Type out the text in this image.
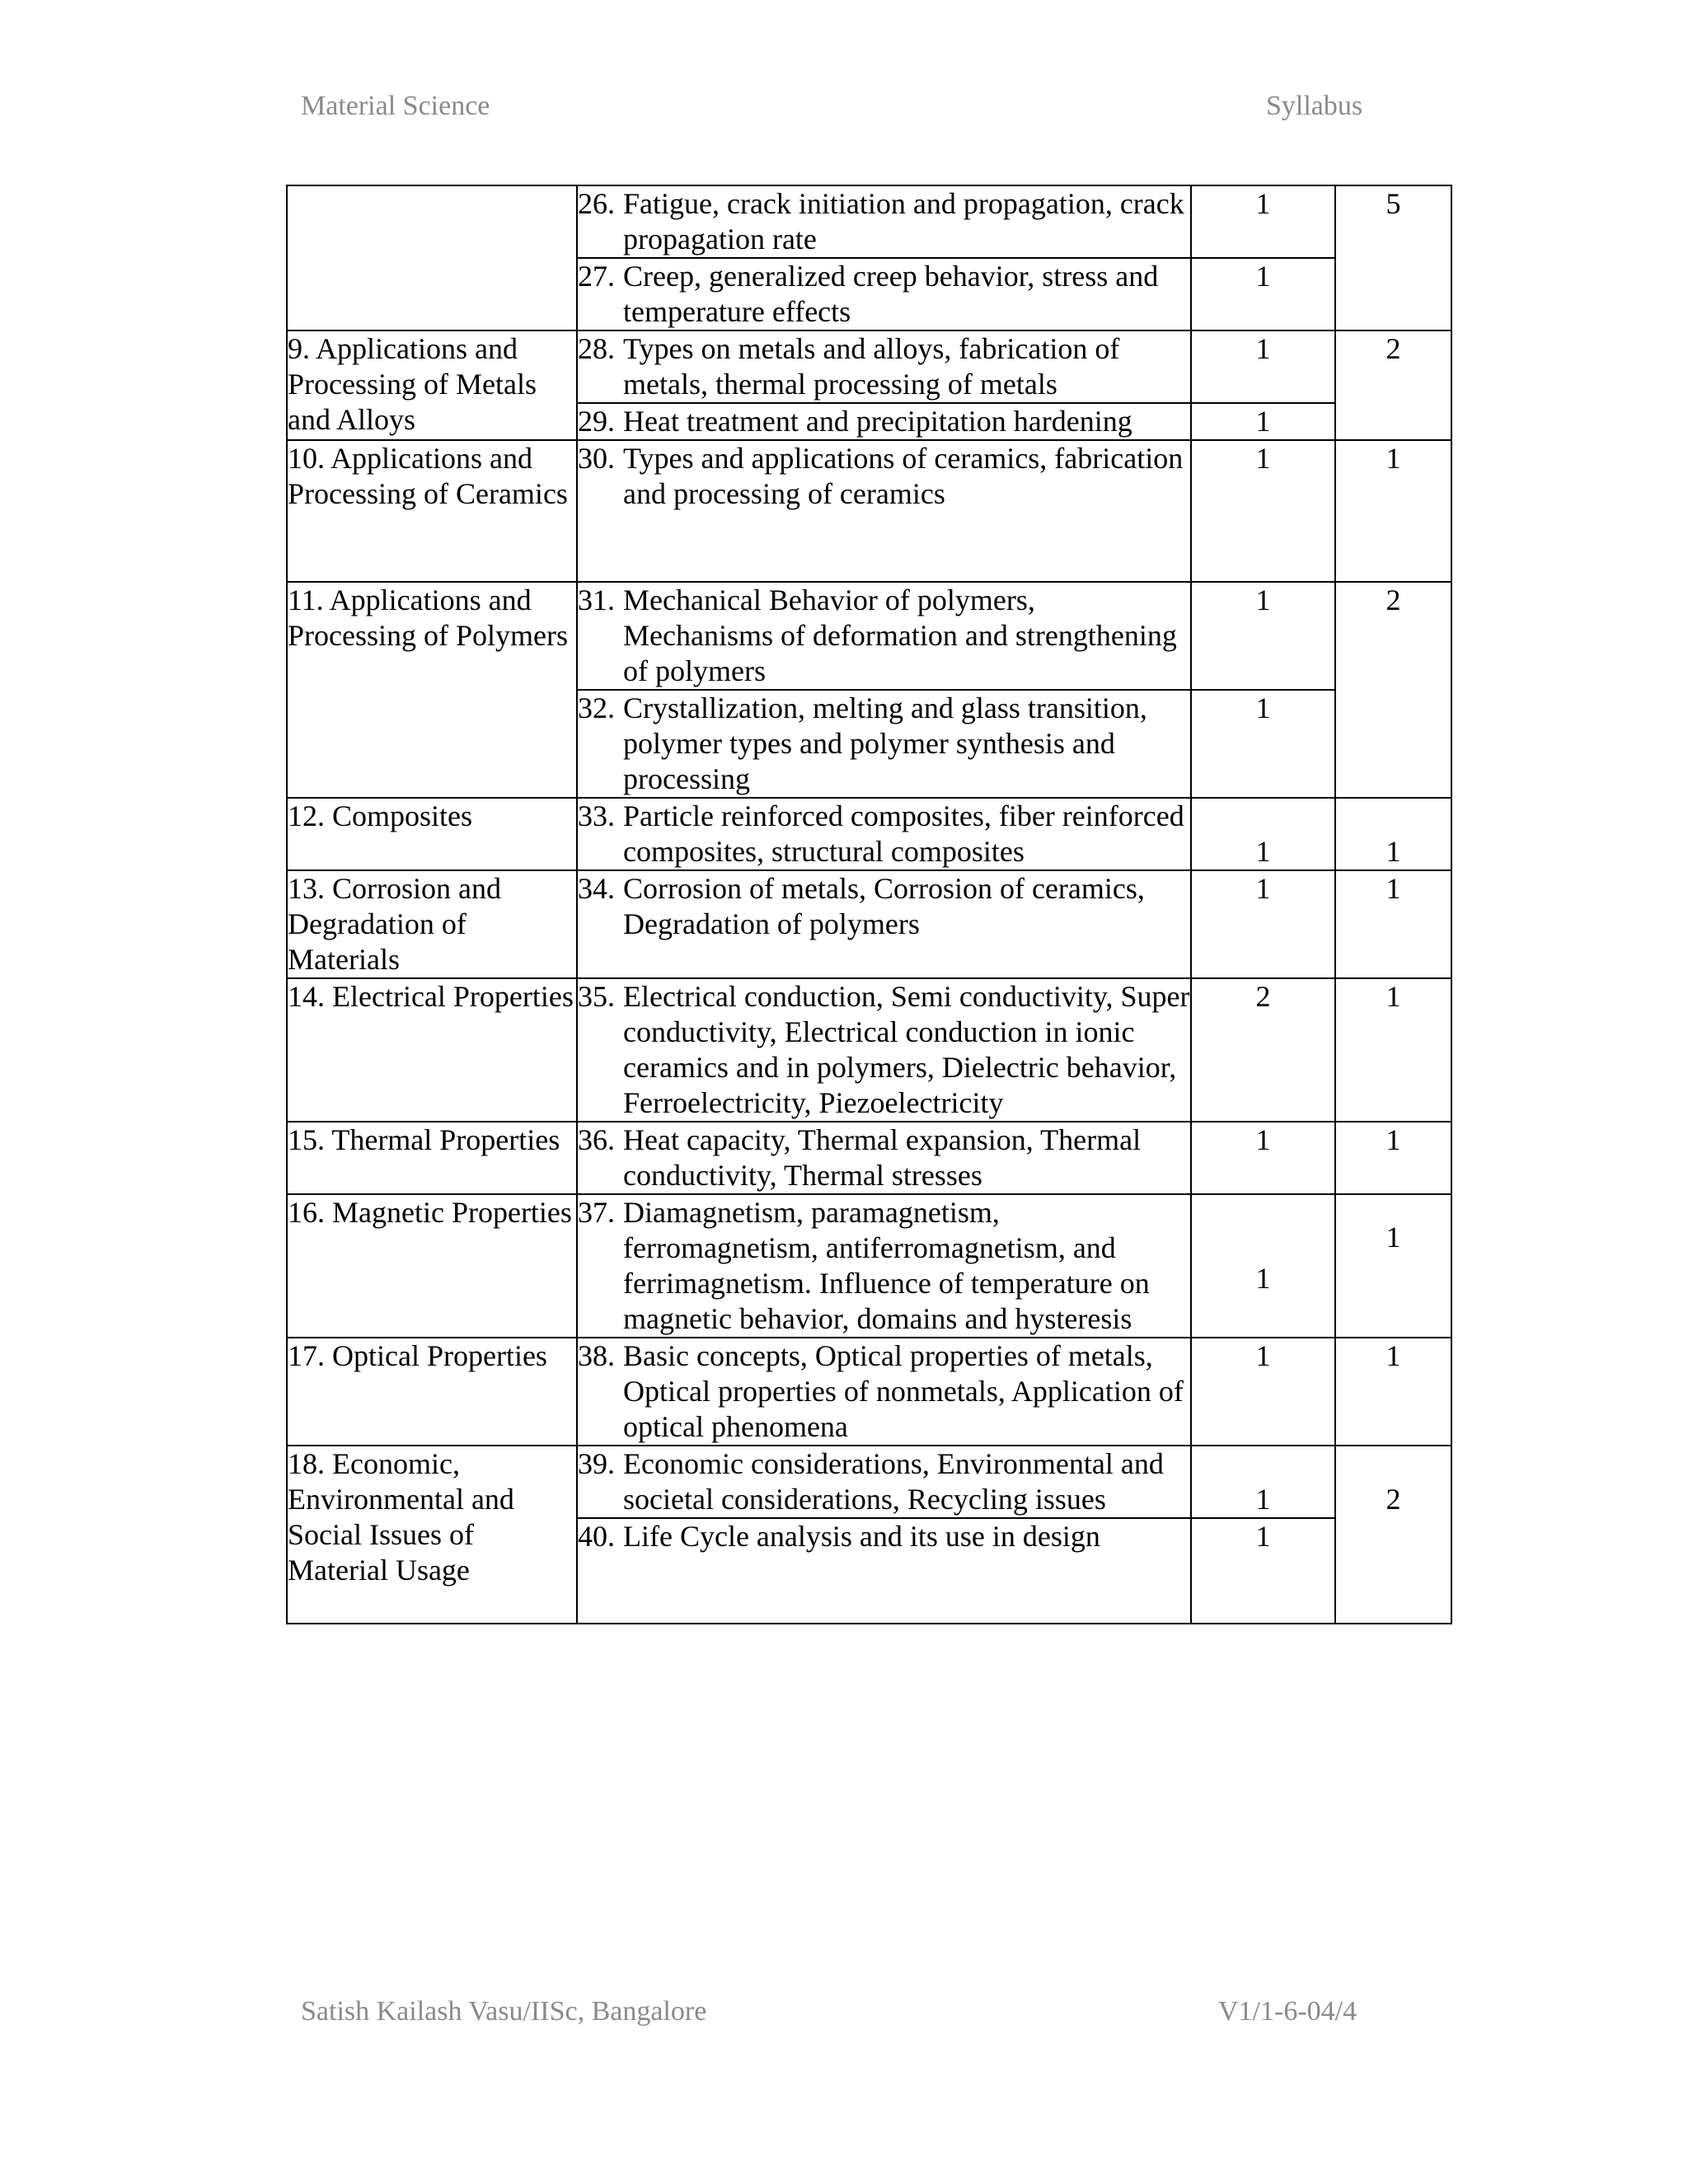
Material Science	Syllabus

	26. Fatigue, crack initiation and propagation, crack propagation rate	1	5

	27. Creep, generalized creep behavior, stress and temperature effects	1	
9. Applications and Processing of Metals and Alloys	28. Types on metals and alloys, fabrication of metals, thermal processing of metals	1	2

	29. Heat treatment and precipitation hardening	1	
10. Applications and Processing of Ceramics	30. Types and applications of ceramics, fabrication and processing of ceramics	1	1
11. Applications and Processing of Polymers	31. Mechanical Behavior of polymers, Mechanisms of deformation and strengthening of polymers	1	2

	32. Crystallization, melting and glass transition, polymer types and polymer synthesis and processing	1	
12. Composites	33. Particle reinforced composites, fiber reinforced composites, structural composites	1	1
13. Corrosion and Degradation of Materials	34. Corrosion of metals, Corrosion of ceramics, Degradation of polymers	1	1
14. Electrical Properties	35. Electrical conduction, Semi conductivity, Super conductivity, Electrical conduction in ionic ceramics and in polymers, Dielectric behavior, Ferroelectricity, Piezoelectricity	2	1
15. Thermal Properties	36. Heat capacity, Thermal expansion, Thermal conductivity, Thermal stresses	1	1
16. Magnetic Properties	37. Diamagnetism, paramagnetism, ferromagnetism, antiferromagnetism, and ferrimagnetism. Influence of temperature on magnetic behavior, domains and hysteresis	1	1
17. Optical Properties	38. Basic concepts, Optical properties of metals, Optical properties of nonmetals, Application of optical phenomena	1	1
18. Economic, Environmental and Social Issues of Material Usage	39. Economic considerations, Environmental and societal considerations, Recycling issues	1	2

	40. Life Cycle analysis and its use in design	1	
Satish Kailash Vasu/IISc, Bangalore	V1/1-6-04/4
